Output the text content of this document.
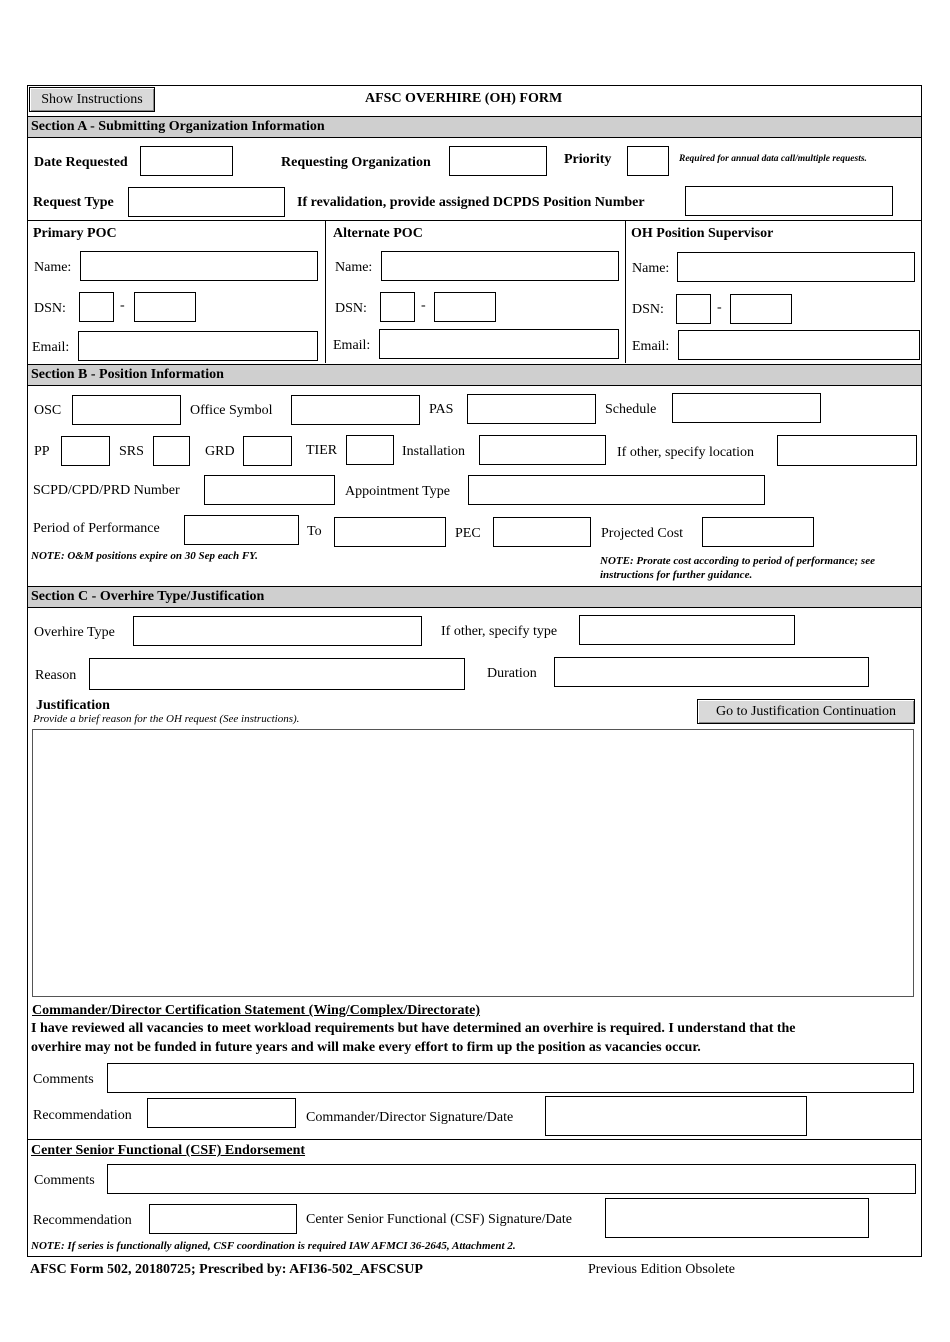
Show Instructions	AFSC OVERHIRE (OH) FORM
Section A - Submitting Organization Information
Date Requested	Requesting Organization	Priority	Required for annual data call/multiple requests.
Request Type	If revalidation, provide assigned DCPDS Position Number
Primary POC
Name:
DSN:	-
Email:
Alternate POC
Name:
DSN:	-
Email:
OH Position Supervisor
Name:
DSN:	-
Email:
Section B - Position Information
OSC	Office Symbol	PAS	Schedule
PP	SRS	GRD	TIER	Installation	If other, specify location
SCPD/CPD/PRD Number	Appointment Type
Period of Performance	To	PEC	Projected Cost
NOTE: O&M positions expire on 30 Sep each FY.	NOTE: Prorate cost according to period of performance; see
instructions for further guidance.
Section C - Overhire Type/Justification
Overhire Type	If other, specify type
Reason	Duration
Justification
Provide a brief reason for the OH request (See instructions).
Go to Justification Continuation
Commander/Director Certification Statement (Wing/Complex/Directorate)
I have reviewed all vacancies to meet workload requirements but have determined an overhire is required. I understand that the
overhire may not be funded in future years and will make every effort to firm up the position as vacancies occur.
Comments
Recommendation	Commander/Director Signature/Date
Center Senior Functional (CSF) Endorsement
Comments
Recommendation	Center Senior Functional (CSF) Signature/Date
NOTE: If series is functionally aligned, CSF coordination is required IAW AFMCI 36-2645, Attachment 2.
AFSC Form 502, 20180725; Prescribed by: AFI36-502_AFSCSUP	Previous Edition Obsolete
